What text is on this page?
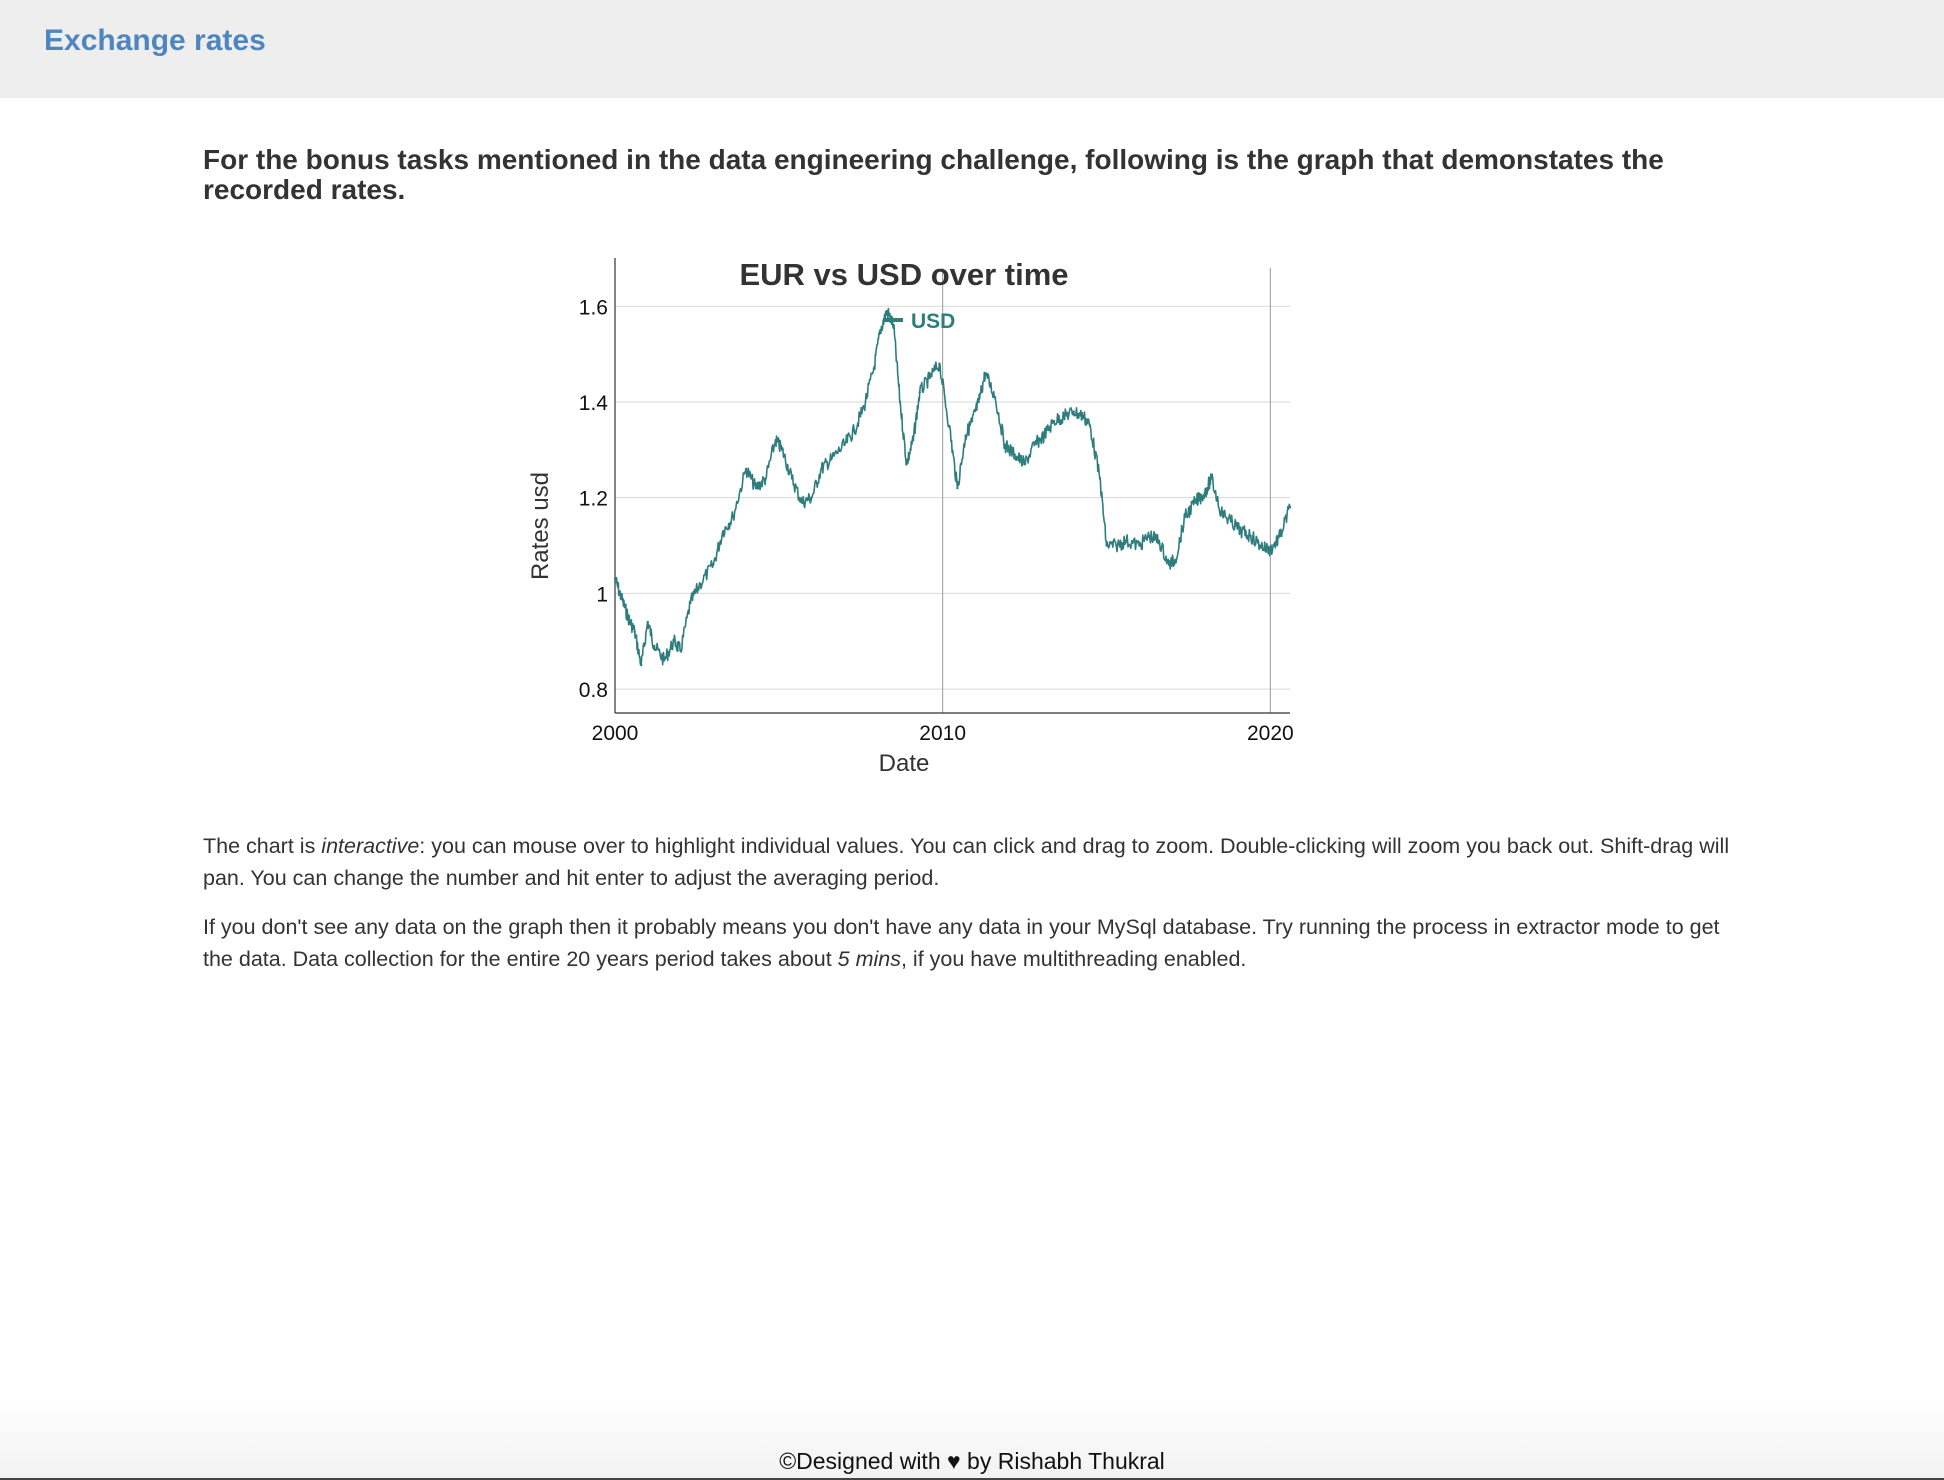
Exchange rates

For the bonus tasks mentioned in the data engineering challenge, following is the graph that demonstates the recorded rates.

EUR vs USD over time
USD
0.8
1
1.2
1.4
1.6
2000	2010	2020
Date
Rates usd

The chart is interactive: you can mouse over to highlight individual values. You can click and drag to zoom. Double-clicking will zoom you back out. Shift-drag will pan. You can change the number and hit enter to adjust the averaging period.

If you don't see any data on the graph then it probably means you don't have any data in your MySql database. Try running the process in extractor mode to get the data. Data collection for the entire 20 years period takes about 5 mins, if you have multithreading enabled.

©Designed with ♥ by Rishabh Thukral
